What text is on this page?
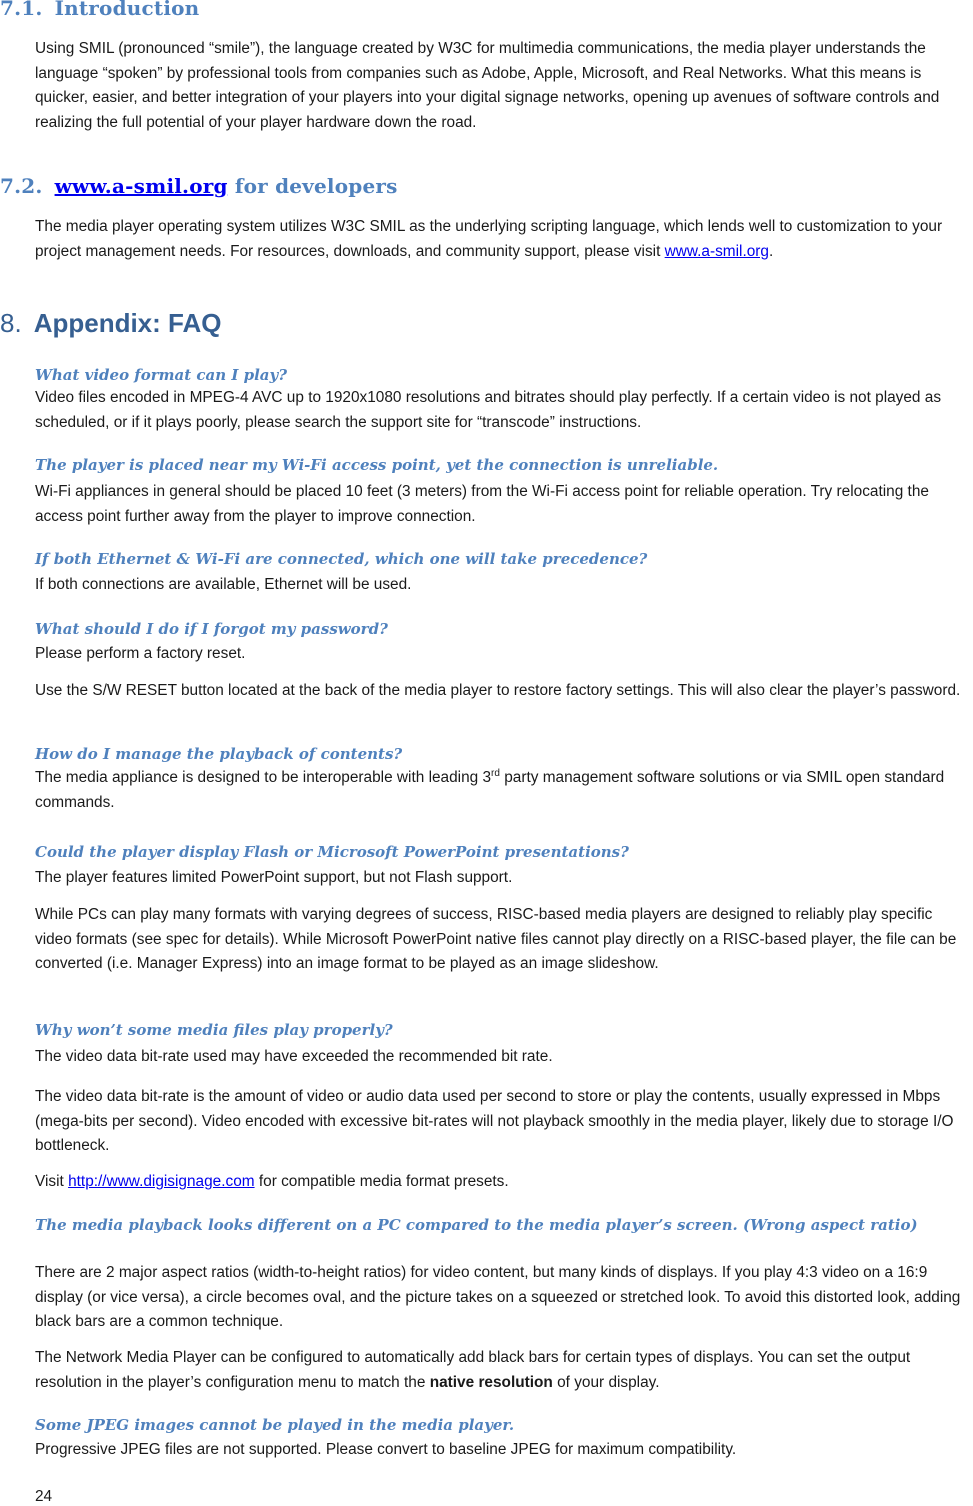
7.1. Introduction

Using SMIL (pronounced “smile”), the language created by W3C for multimedia communications, the media player understands the language “spoken” by professional tools from companies such as Adobe, Apple, Microsoft, and Real Networks. What this means is quicker, easier, and better integration of your players into your digital signage networks, opening up avenues of software controls and realizing the full potential of your player hardware down the road.

7.2. www.a-smil.org for developers

The media player operating system utilizes W3C SMIL as the underlying scripting language, which lends well to customization to your project management needs. For resources, downloads, and community support, please visit www.a-smil.org.

8. Appendix: FAQ

What video format can I play?

Video files encoded in MPEG-4 AVC up to 1920x1080 resolutions and bitrates should play perfectly. If a certain video is not played as scheduled, or if it plays poorly, please search the support site for “transcode” instructions.

The player is placed near my Wi-Fi access point, yet the connection is unreliable.

Wi-Fi appliances in general should be placed 10 feet (3 meters) from the Wi-Fi access point for reliable operation. Try relocating the access point further away from the player to improve connection.

If both Ethernet & Wi-Fi are connected, which one will take precedence?

If both connections are available, Ethernet will be used.

What should I do if I forgot my password?

Please perform a factory reset.

Use the S/W RESET button located at the back of the media player to restore factory settings. This will also clear the player’s password.

How do I manage the playback of contents?

The media appliance is designed to be interoperable with leading 3rd party management software solutions or via SMIL open standard commands.

Could the player display Flash or Microsoft PowerPoint presentations?

The player features limited PowerPoint support, but not Flash support.

While PCs can play many formats with varying degrees of success, RISC-based media players are designed to reliably play specific video formats (see spec for details). While Microsoft PowerPoint native files cannot play directly on a RISC-based player, the file can be converted (i.e. Manager Express) into an image format to be played as an image slideshow.

Why won’t some media files play properly?

The video data bit-rate used may have exceeded the recommended bit rate.

The video data bit-rate is the amount of video or audio data used per second to store or play the contents, usually expressed in Mbps (mega-bits per second). Video encoded with excessive bit-rates will not playback smoothly in the media player, likely due to storage I/O bottleneck.

Visit http://www.digisignage.com for compatible media format presets.

The media playback looks different on a PC compared to the media player’s screen. (Wrong aspect ratio)

There are 2 major aspect ratios (width-to-height ratios) for video content, but many kinds of displays. If you play 4:3 video on a 16:9 display (or vice versa), a circle becomes oval, and the picture takes on a squeezed or stretched look. To avoid this distorted look, adding black bars are a common technique.

The Network Media Player can be configured to automatically add black bars for certain types of displays. You can set the output resolution in the player’s configuration menu to match the native resolution of your display.

Some JPEG images cannot be played in the media player.

Progressive JPEG files are not supported. Please convert to baseline JPEG for maximum compatibility.

24
